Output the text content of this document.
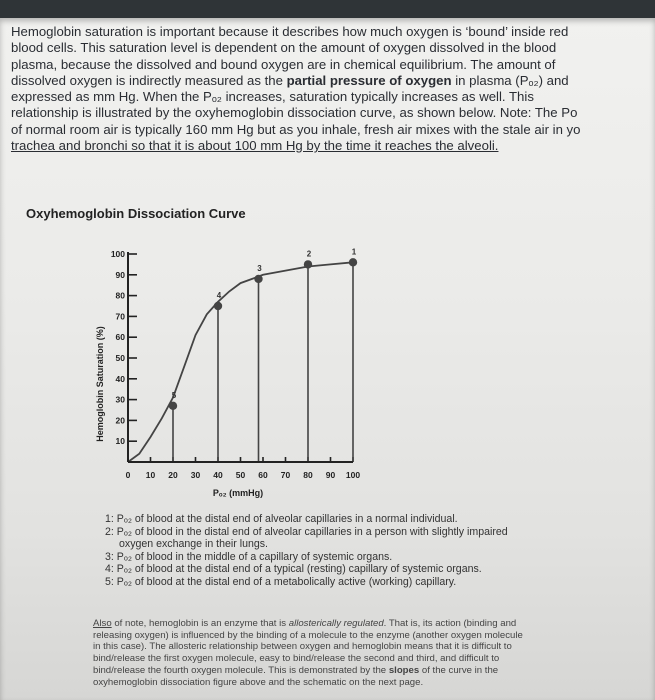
Hemoglobin saturation is important because it describes how much oxygen is ‘bound’ inside red

blood cells. This saturation level is dependent on the amount of oxygen dissolved in the blood

plasma, because the dissolved and bound oxygen are in chemical equilibrium. The amount of

dissolved oxygen is indirectly measured as the partial pressure of oxygen in plasma (Pₒ₂) and

expressed as mm Hg. When the Pₒ₂ increases, saturation typically increases as well. This

relationship is illustrated by the oxyhemoglobin dissociation curve, as shown below. Note: The Po

of normal room air is typically 160 mm Hg but as you inhale, fresh air mixes with the stale air in yo

trachea and bronchi so that it is about 100 mm Hg by the time it reaches the alveoli.

Oxyhemoglobin Dissociation Curve
10
20
30
40
50
60
70
80
90
100
0 10 20 30 40 50 60 70 80 90 100
1
2
3
4
5
Hemoglobin Saturation (%)
Pₒ₂ (mmHg)
1: Pₒ₂ of blood at the distal end of alveolar capillaries in a normal individual.
2: Pₒ₂ of blood in the distal end of alveolar capillaries in a person with slightly impaired
oxygen exchange in their lungs.
3: Pₒ₂ of blood in the middle of a capillary of systemic organs.
4: Pₒ₂ of blood at the distal end of a typical (resting) capillary of systemic organs.
5: Pₒ₂ of blood at the distal end of a metabolically active (working) capillary.

Also of note, hemoglobin is an enzyme that is allosterically regulated. That is, its action (binding and

releasing oxygen) is influenced by the binding of a molecule to the enzyme (another oxygen molecule

in this case). The allosteric relationship between oxygen and hemoglobin means that it is difficult to

bind/release the first oxygen molecule, easy to bind/release the second and third, and difficult to

bind/release the fourth oxygen molecule. This is demonstrated by the slopes of the curve in the

oxyhemoglobin dissociation figure above and the schematic on the next page.
